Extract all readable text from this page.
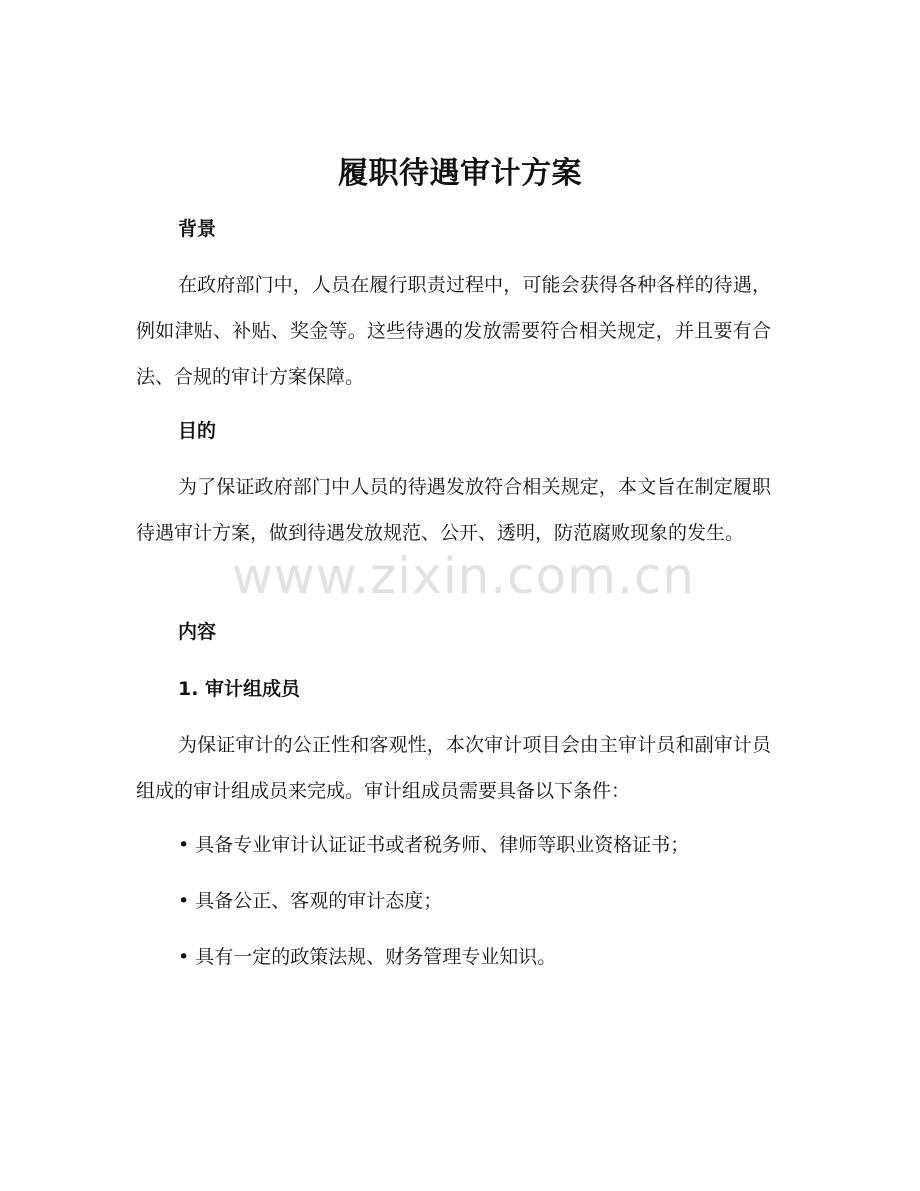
履职待遇审计方案
背景

在政府部门中，人员在履行职责过程中，可能会获得各种各样的待遇，例如津贴、补贴、奖金等。这些待遇的发放需要符合相关规定，并且要有合法、合规的审计方案保障。

目的

为了保证政府部门中人员的待遇发放符合相关规定，本文旨在制定履职待遇审计方案，做到待遇发放规范、公开、透明，防范腐败现象的发生。

内容
1. 审计组成员

为保证审计的公正性和客观性，本次审计项目会由主审计员和副审计员组成的审计组成员来完成。审计组成员需要具备以下条件：

• 具备专业审计认证证书或者税务师、律师等职业资格证书；
• 具备公正、客观的审计态度；
• 具有一定的政策法规、财务管理专业知识。
www.zixin.com.cn
